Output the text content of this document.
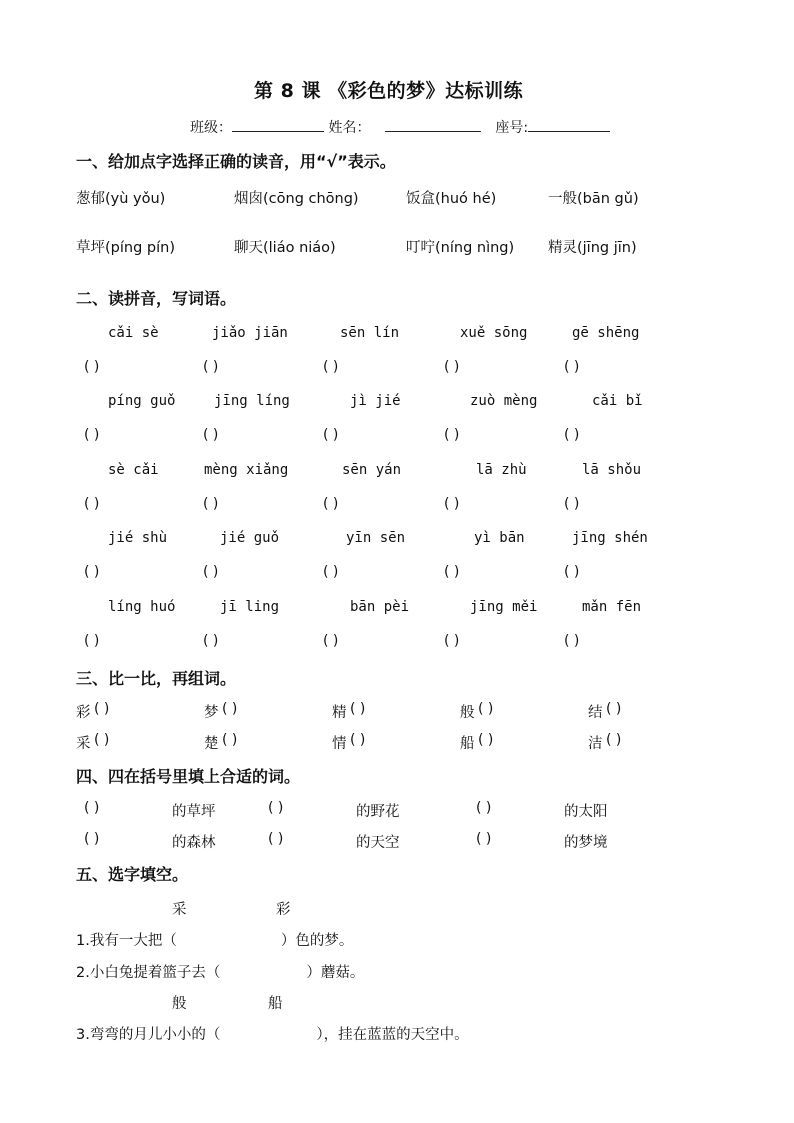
第 8 课 《彩色的梦》达标训练
班级：	姓名：	座号:
一、给加点字选择正确的读音，用“√”表示。
葱郁(yù yǒu)	烟囱(cōng chōng)	饭盒(huó hé)	一般(bān gǔ)
草坪(píng pín)	聊天(liáo niáo)	叮咛(níng nìng) 精灵(jīng jīn)
二、读拼音，写词语。
cǎi sè	jiǎo jiān	sēn lín	xuě sōng	gē shēng
( )	( )	( )	( )	( )
píng guǒ	jīng líng	jì jié	zuò mèng	cǎi bǐ
( )	( )	( )	( )	( )
sè cǎi	mèng xiǎng	sēn yán	lā zhù	lā shǒu
( )	( )	( )	( )	( )
jié shù	jié guǒ	yīn sēn	yì bān	jīng shén
( )	( )	( )	( )	( )
líng huó	jī ling	bān pèi	jīng měi	mǎn fēn
( )	( )	( )	( )	( )
三、比一比，再组词。
彩 ( )	梦 ( )	精 ( )	般 ( )	结 ( )
采 ( )	楚 ( )	情 ( )	船 ( )	洁 ( )
四、四在括号里填上合适的词。
( )	的草坪	( )	的野花	( )	的太阳
( )	的森林	( )	的天空	( )	的梦境
五、选字填空。
采	彩
1.我有一大把（	）色的梦。
2.小白兔提着篮子去（	）蘑菇。
般	船
3.弯弯的月儿小小的（	），挂在蓝蓝的天空中。
